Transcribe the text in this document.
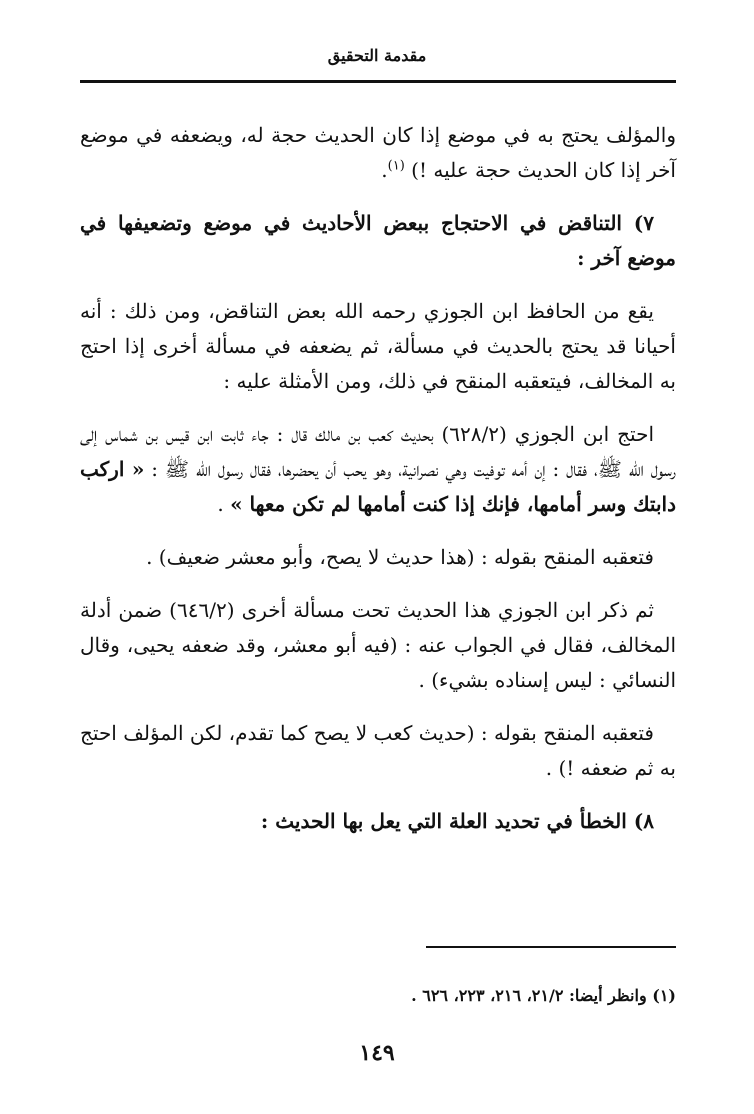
مقدمة التحقيق

والمؤلف يحتج به في موضع إذا كان الحديث حجة له، ويضعفه في موضع آخر إذا كان الحديث حجة عليه !) $^{(١)}$.

٧) التناقض في الاحتجاج ببعض الأحاديث في موضع وتضعيفها في موضع آخر :

يقع من الحافظ ابن الجوزي رحمه الله بعض التناقض، ومن ذلك : أنه أحيانا قد يحتج بالحديث في مسألة، ثم يضعفه في مسألة أخرى إذا احتج به المخالف، فيتعقبه المنقح في ذلك، ومن الأمثلة عليه :

احتج ابن الجوزي (٦٢٨/٢) بحديث كعب بن مالك قال : جاء ثابت ابن قيس بن شماس إلى رسول الله ﷺ، فقال : إن أمه توفيت وهي نصرانية، وهو يحب أن يحضرها، فقال رسول الله ﷺ : « اركب دابتك وسر أمامها، فإنك إذا كنت أمامها لم تكن معها » .

فتعقبه المنقح بقوله : (هذا حديث لا يصح، وأبو معشر ضعيف) .

ثم ذكر ابن الجوزي هذا الحديث تحت مسألة أخرى (٦٤٦/٢) ضمن أدلة المخالف، فقال في الجواب عنه : (فيه أبو معشر، وقد ضعفه يحيى، وقال النسائي : ليس إسناده بشيء) .

فتعقبه المنقح بقوله : (حديث كعب لا يصح كما تقدم، لكن المؤلف احتج به ثم ضعفه !) .

٨) الخطأ في تحديد العلة التي يعل بها الحديث :

(١) وانظر أيضا: ٢١/٢، ٢١٦، ٢٢٣، ٦٢٦ .
١٤٩
